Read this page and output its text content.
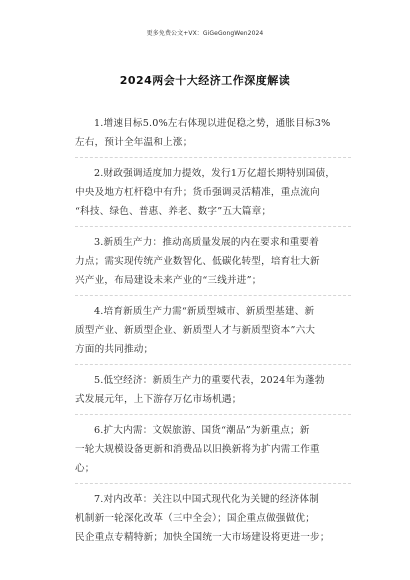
更多免费公文+VX：GiGeGongWen2024
2024两会十大经济工作深度解读
1.增速目标5.0%左右体现以进促稳之势，通胀目标3%
左右，预计全年温和上涨；
2.财政强调适度加力提效，发行1万亿超长期特别国债，
中央及地方杠杆稳中有升；货币强调灵活精准，重点流向
“科技、绿色、普惠、养老、数字”五大篇章；
3.新质生产力：推动高质量发展的内在要求和重要着
力点；需实现传统产业数智化、低碳化转型，培育壮大新
兴产业，布局建设未来产业的“三线并进”；
4.培育新质生产力需“新质型城市、新质型基建、新
质型产业、新质型企业、新质型人才与新质型资本”六大
方面的共同推动；
5.低空经济：新质生产力的重要代表，2024年为蓬勃
式发展元年，上下游存万亿市场机遇；
6.扩大内需：文娱旅游、国货“潮品”为新重点；新
一轮大规模设备更新和消费品以旧换新将为扩内需工作重
心；
7.对内改革：关注以中国式现代化为关键的经济体制
机制新一轮深化改革（三中全会）；国企重点做强做优；
民企重点专精特新；加快全国统一大市场建设将更进一步；
